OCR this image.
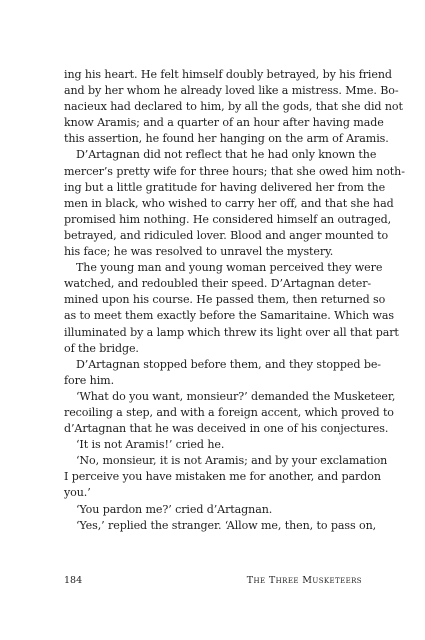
ing his heart. He felt himself doubly betrayed, by his friend
and by her whom he already loved like a mistress. Mme. Bo-
nacieux had declared to him, by all the gods, that she did not
know Aramis; and a quarter of an hour after having made
this assertion, he found her hanging on the arm of Aramis.
D’Artagnan did not reflect that he had only known the
mercer’s pretty wife for three hours; that she owed him noth-
ing but a little gratitude for having delivered her from the
men in black, who wished to carry her off, and that she had
promised him nothing. He considered himself an outraged,
betrayed, and ridiculed lover. Blood and anger mounted to
his face; he was resolved to unravel the mystery.
The young man and young woman perceived they were
watched, and redoubled their speed. D’Artagnan deter-
mined upon his course. He passed them, then returned so
as to meet them exactly before the Samaritaine. Which was
illuminated by a lamp which threw its light over all that part
of the bridge.
D’Artagnan stopped before them, and they stopped be-
fore him.
‘What do you want, monsieur?’ demanded the Musketeer,
recoiling a step, and with a foreign accent, which proved to
d’Artagnan that he was deceived in one of his conjectures.
‘It is not Aramis!’ cried he.
‘No, monsieur, it is not Aramis; and by your exclamation
I perceive you have mistaken me for another, and pardon
you.’
‘You pardon me?’ cried d’Artagnan.
‘Yes,’ replied the stranger. ‘Allow me, then, to pass on,
184	The Three Musketeers
